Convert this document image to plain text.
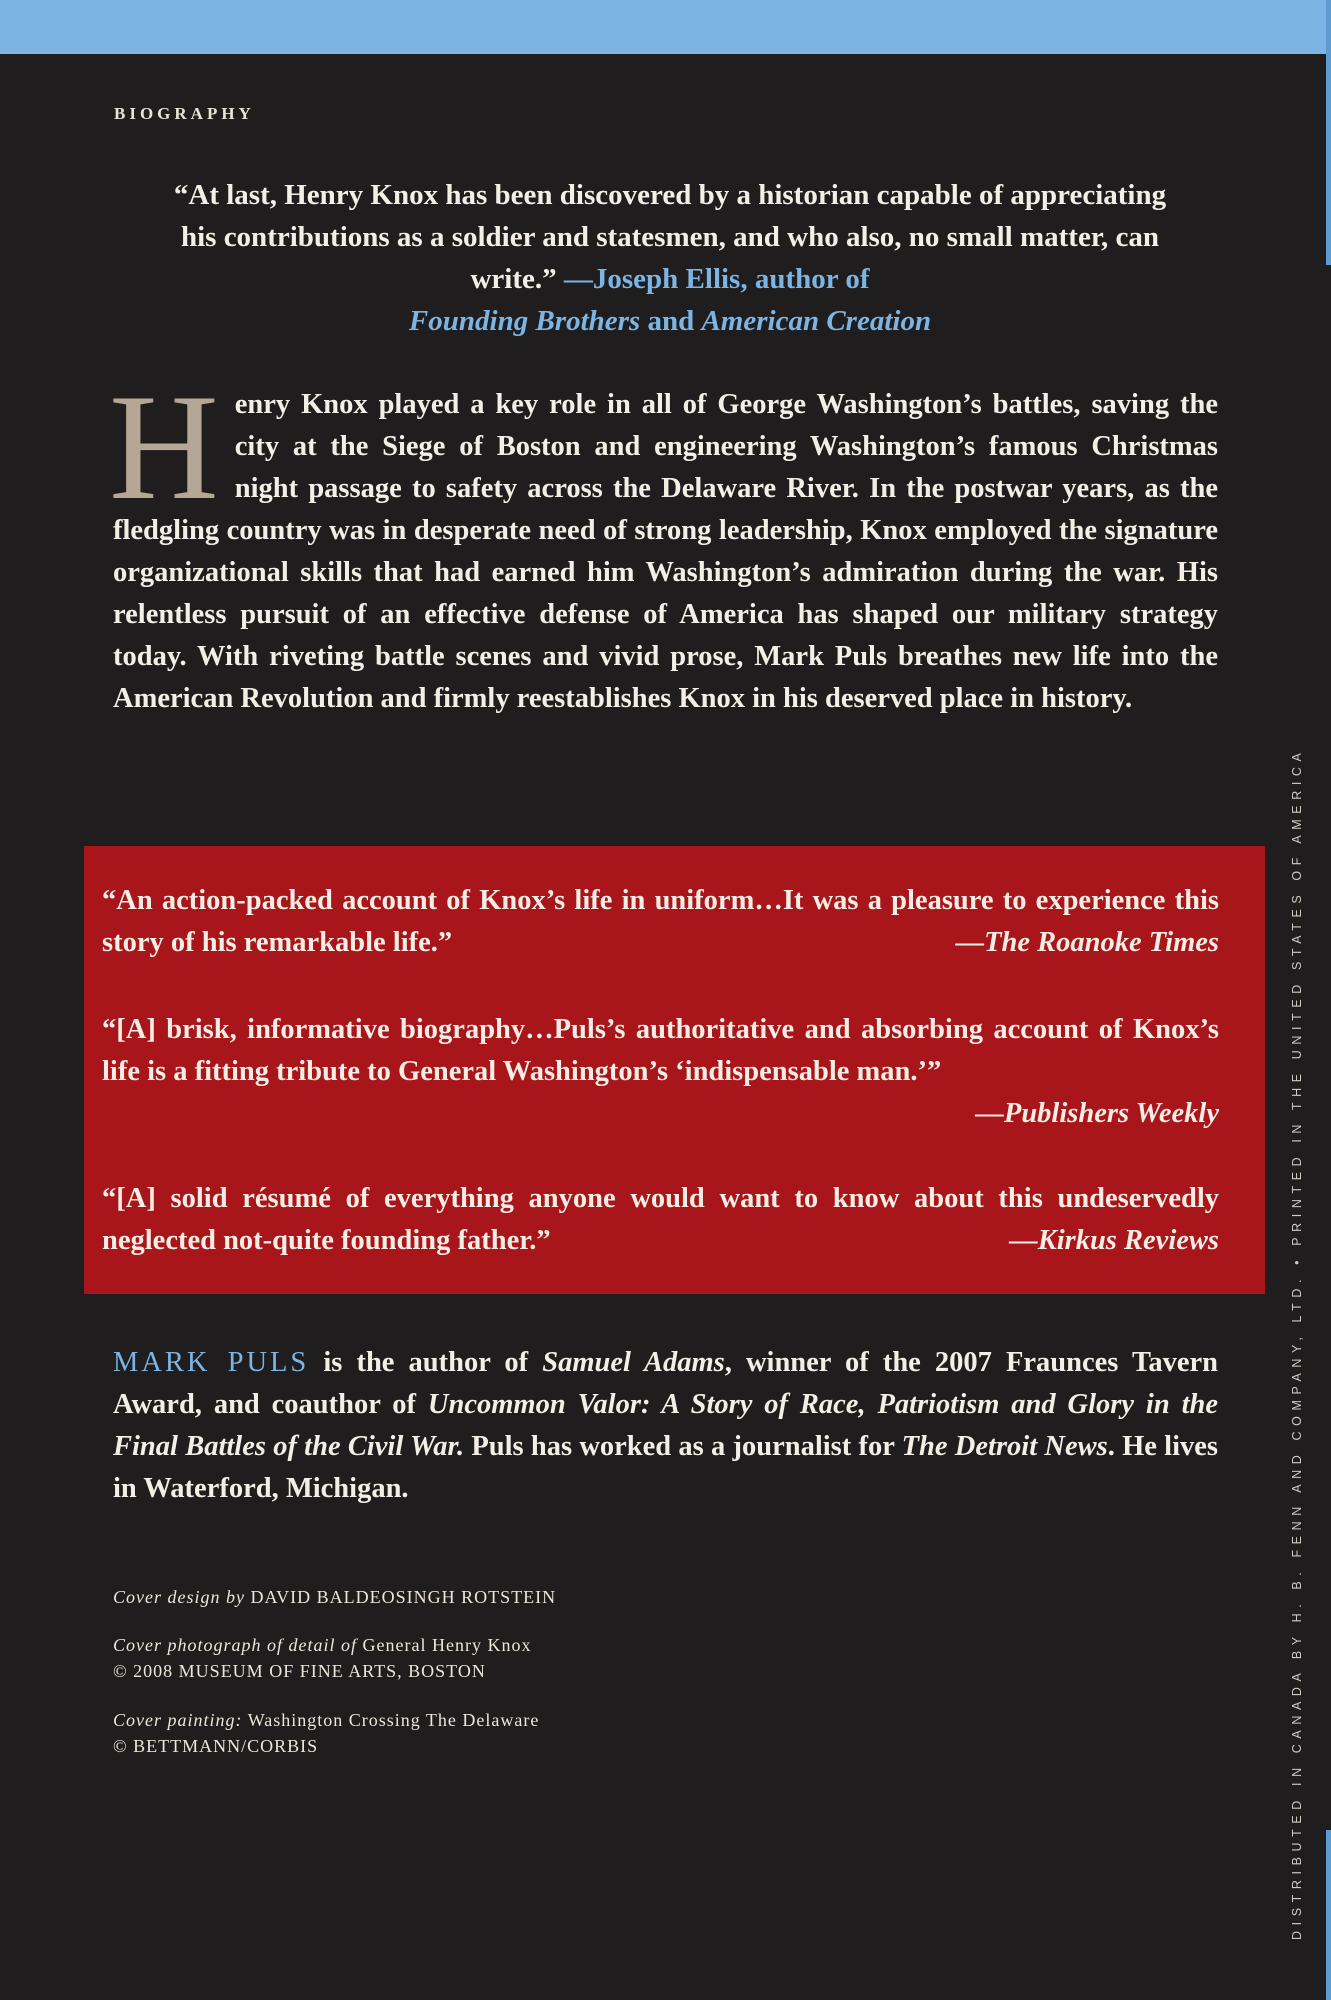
BIOGRAPHY
“At last, Henry Knox has been discovered by a historian capable of appreciating his contributions as a soldier and statesmen, and who also, no small matter, can write.” —Joseph Ellis, author of
Founding Brothers and American Creation
H enry Knox played a key role in all of George Washington’s battles, saving the city at the Siege of Boston and engineering Washington’s famous Christmas night passage to safety across the Delaware River. In the postwar years, as the fledgling country was in desperate need of strong leadership, Knox employed the signature organizational skills that had earned him Washington’s admiration during the war. His relentless pursuit of an effective defense of America has shaped our military strategy today. With riveting battle scenes and vivid prose, Mark Puls breathes new life into the American Revolution and firmly reestablishes Knox in his deserved place in history.
“An action-packed account of Knox’s life in uniform…It was a pleasure to experience this story of his remarkable life.”	—The Roanoke Times
“[A] brisk, informative biography…Puls’s authoritative and absorbing account of Knox’s life is a fitting tribute to General Washington’s ‘indispensable man.’”
—Publishers Weekly
“[A] solid résumé of everything anyone would want to know about this undeservedly neglected not-quite founding father.”	—Kirkus Reviews
MARK PULS is the author of Samuel Adams, winner of the 2007 Fraunces Tavern Award, and coauthor of Uncommon Valor: A Story of Race, Patriotism and Glory in the Final Battles of the Civil War. Puls has worked as a journalist for The Detroit News. He lives in Waterford, Michigan.
Cover design by DAVID BALDEOSINGH ROTSTEIN
Cover photograph of detail of General Henry Knox
© 2008 MUSEUM OF FINE ARTS, BOSTON
Cover painting: Washington Crossing The Delaware
© BETTMANN/CORBIS	DISTRIBUTED IN CANADA BY H. B. FENN AND COMPANY, LTD. • PRINTED IN THE UNITED STATES OF AMERICA
